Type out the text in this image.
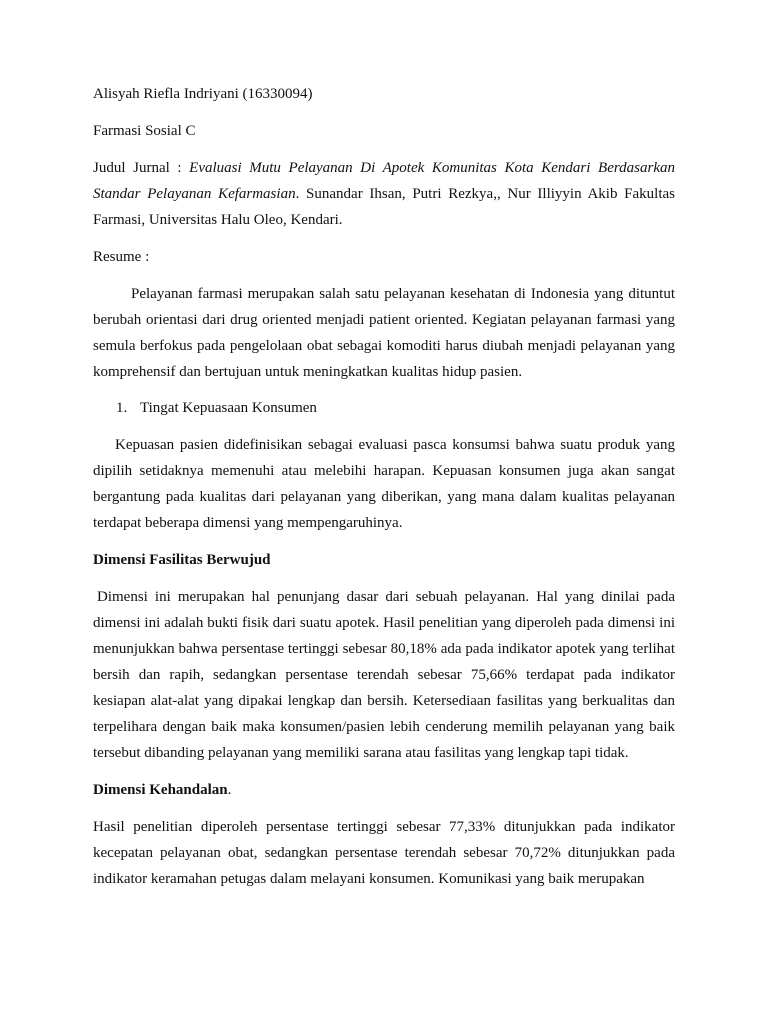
Alisyah Riefla Indriyani (16330094)

Farmasi Sosial C

Judul Jurnal : Evaluasi Mutu Pelayanan Di Apotek Komunitas Kota Kendari Berdasarkan Standar Pelayanan Kefarmasian. Sunandar Ihsan, Putri Rezkya,, Nur Illiyyin Akib Fakultas Farmasi, Universitas Halu Oleo, Kendari.

Resume :

Pelayanan farmasi merupakan salah satu pelayanan kesehatan di Indonesia yang dituntut berubah orientasi dari drug oriented menjadi patient oriented. Kegiatan pelayanan farmasi yang semula berfokus pada pengelolaan obat sebagai komoditi harus diubah menjadi pelayanan yang komprehensif dan bertujuan untuk meningkatkan kualitas hidup pasien.

1. Tingat Kepuasaan Konsumen

Kepuasan pasien didefinisikan sebagai evaluasi pasca konsumsi bahwa suatu produk yang dipilih setidaknya memenuhi atau melebihi harapan. Kepuasan konsumen juga akan sangat bergantung pada kualitas dari pelayanan yang diberikan, yang mana dalam kualitas pelayanan terdapat beberapa dimensi yang mempengaruhinya.

Dimensi Fasilitas Berwujud

Dimensi ini merupakan hal penunjang dasar dari sebuah pelayanan. Hal yang dinilai pada dimensi ini adalah bukti fisik dari suatu apotek. Hasil penelitian yang diperoleh pada dimensi ini menunjukkan bahwa persentase tertinggi sebesar 80,18% ada pada indikator apotek yang terlihat bersih dan rapih, sedangkan persentase terendah sebesar 75,66% terdapat pada indikator kesiapan alat-alat yang dipakai lengkap dan bersih. Ketersediaan fasilitas yang berkualitas dan terpelihara dengan baik maka konsumen/pasien lebih cenderung memilih pelayanan yang baik tersebut dibanding pelayanan yang memiliki sarana atau fasilitas yang lengkap tapi tidak.

Dimensi Kehandalan.

Hasil penelitian diperoleh persentase tertinggi sebesar 77,33% ditunjukkan pada indikator kecepatan pelayanan obat, sedangkan persentase terendah sebesar 70,72% ditunjukkan pada indikator keramahan petugas dalam melayani konsumen. Komunikasi yang baik merupakan
